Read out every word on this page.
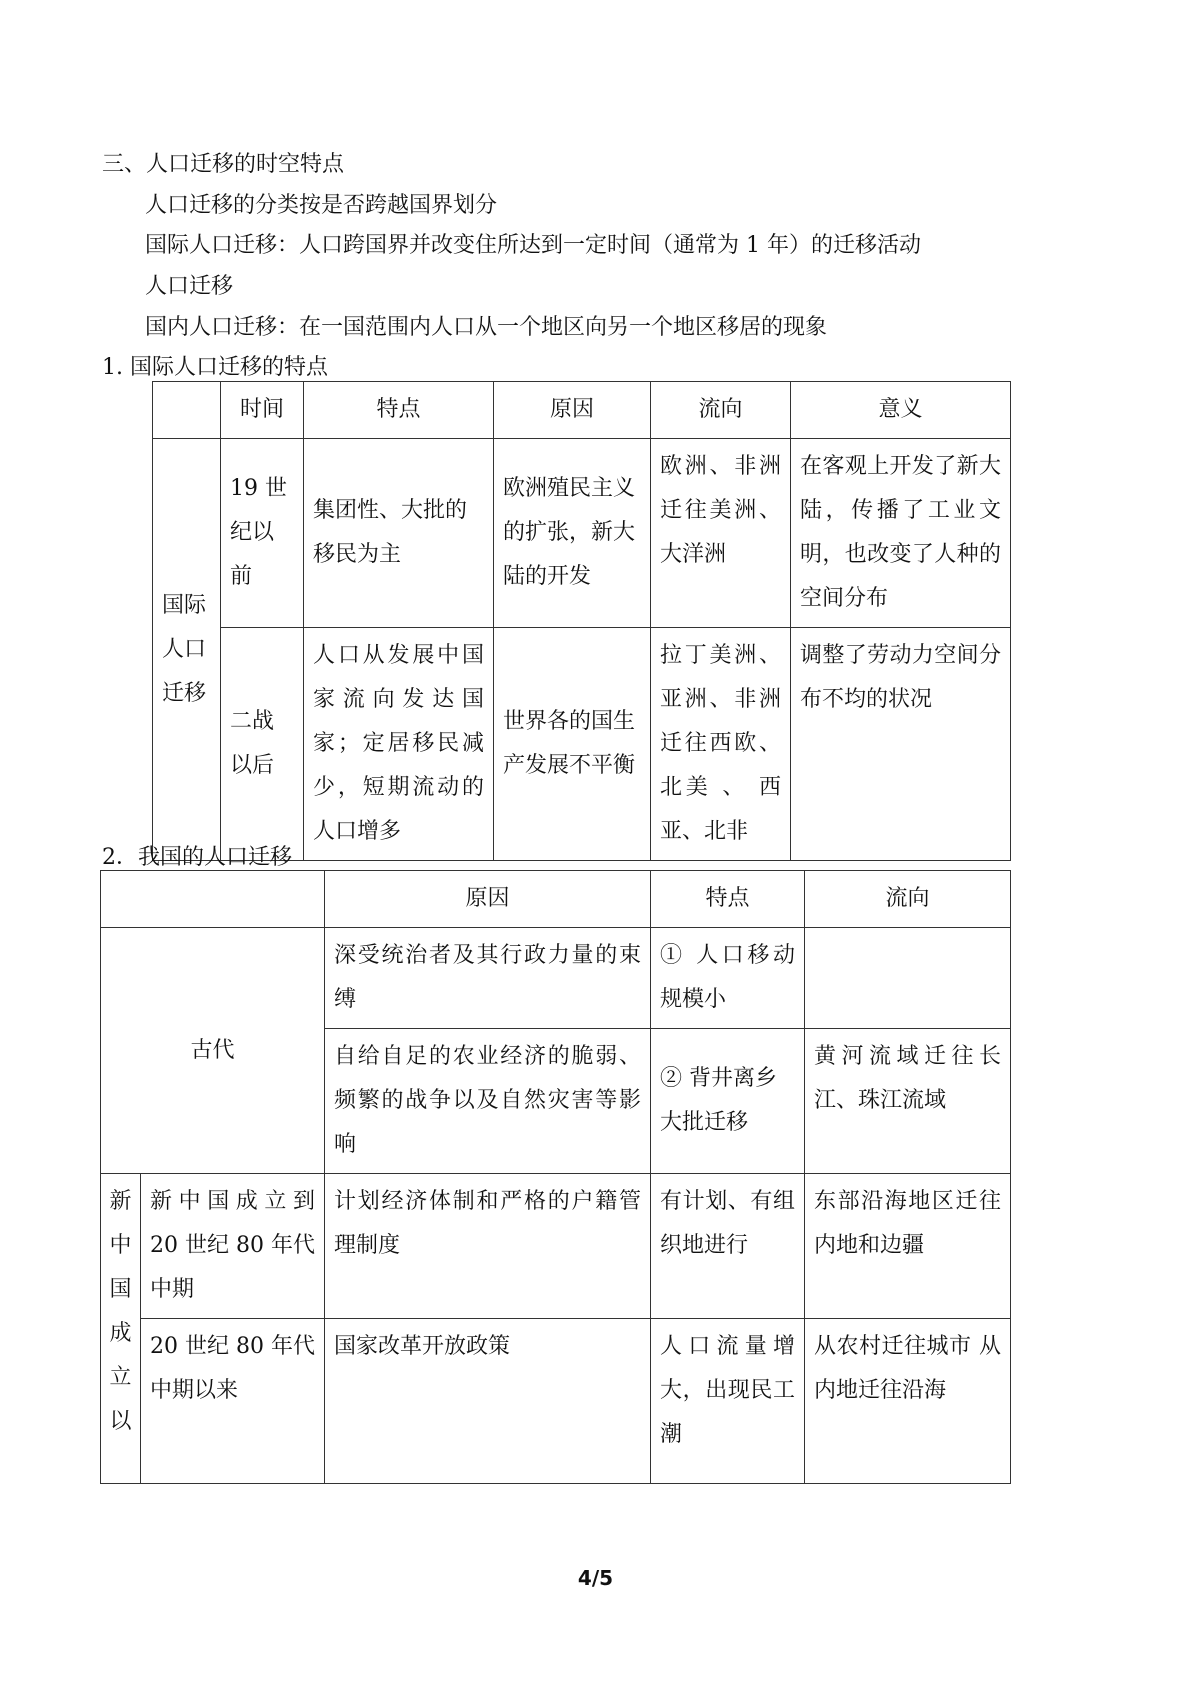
三、人口迁移的时空特点
人口迁移的分类按是否跨越国界划分
国际人口迁移：人口跨国界并改变住所达到一定时间（通常为 1 年）的迁移活动
人口迁移
国内人口迁移：在一国范围内人口从一个地区向另一个地区移居的现象
1. 国际人口迁移的特点
	时间	特点	原因	流向	意义
国际人口迁移	19 世纪以前	集团性、大批的移民为主	欧洲殖民主义的扩张，新大陆的开发	欧洲、非洲迁往美洲、大洋洲	在客观上开发了新大陆，传播了工业文明，也改变了人种的空间分布
	二战以后	人口从发展中国家流向发达国家；定居移民减少，短期流动的人口增多	世界各的国生产发展不平衡	拉丁美洲、亚洲、非洲迁往西欧、北美 、 西亚、北非	调整了劳动力空间分布不均的状况
2．我国的人口迁移
		原因	特点	流向
古代		深受统治者及其行政力量的束缚	① 人口移动规模小	
		自给自足的农业经济的脆弱、频繁的战争以及自然灾害等影响	② 背井离乡大批迁移	黄河流域迁往长江、珠江流域
新中国成立以	新中国成立到 20 世纪 80 年代中期	计划经济体制和严格的户籍管理制度	有计划、有组织地进行	东部沿海地区迁往内地和边疆
	20 世纪 80 年代中期以来	国家改革开放政策	人口流量增大，出现民工潮	从农村迁往城市 从内地迁往沿海
4/5
